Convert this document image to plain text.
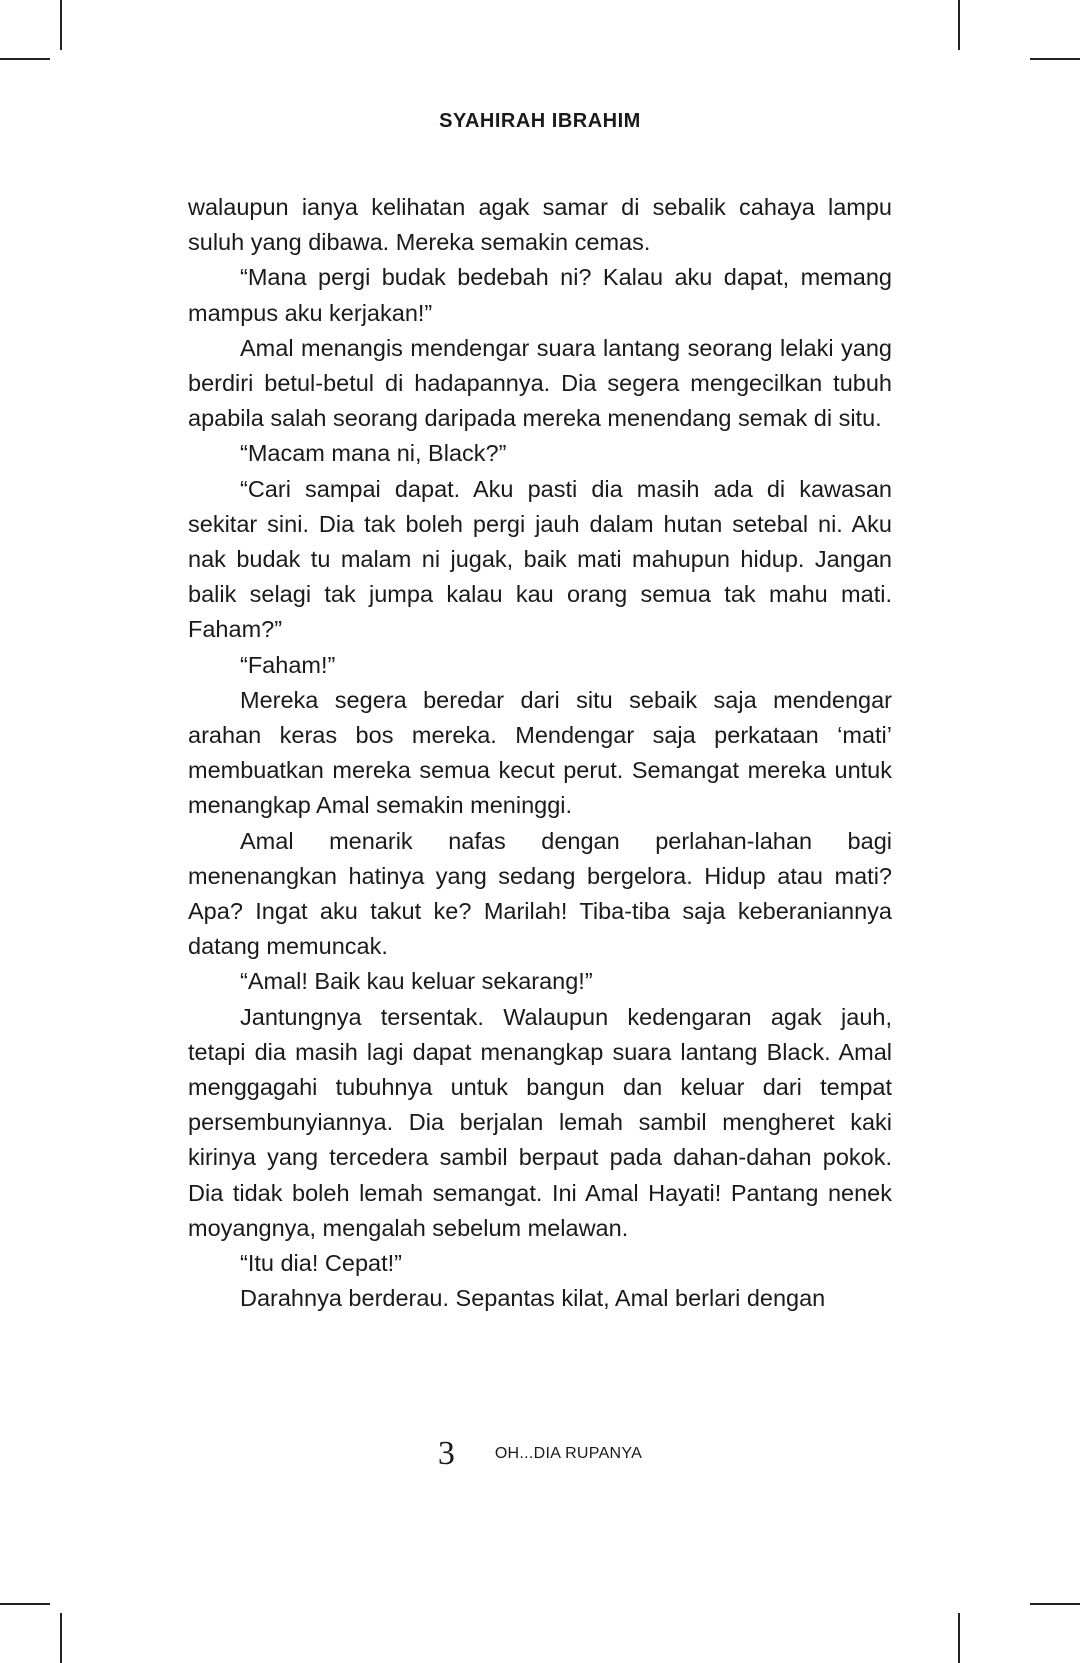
SYAHIRAH IBRAHIM

walaupun ianya kelihatan agak samar di sebalik cahaya lampu suluh yang dibawa. Mereka semakin cemas.

“Mana pergi budak bedebah ni? Kalau aku dapat, memang mampus aku kerjakan!”

Amal menangis mendengar suara lantang seorang lelaki yang berdiri betul-betul di hadapannya. Dia segera mengecilkan tubuh apabila salah seorang daripada mereka menendang semak di situ.

“Macam mana ni, Black?”

“Cari sampai dapat. Aku pasti dia masih ada di kawasan sekitar sini. Dia tak boleh pergi jauh dalam hutan setebal ni. Aku nak budak tu malam ni jugak, baik mati mahupun hidup. Jangan balik selagi tak jumpa kalau kau orang semua tak mahu mati. Faham?”

“Faham!”

Mereka segera beredar dari situ sebaik saja mendengar arahan keras bos mereka. Mendengar saja perkataan ‘mati’ membuatkan mereka semua kecut perut. Semangat mereka untuk menangkap Amal semakin meninggi.

Amal menarik nafas dengan perlahan-lahan bagi menenangkan hatinya yang sedang bergelora. Hidup atau mati? Apa? Ingat aku takut ke? Marilah! Tiba-tiba saja keberaniannya datang memuncak.

“Amal! Baik kau keluar sekarang!”

Jantungnya tersentak. Walaupun kedengaran agak jauh, tetapi dia masih lagi dapat menangkap suara lantang Black. Amal menggagahi tubuhnya untuk bangun dan keluar dari tempat persembunyiannya. Dia berjalan lemah sambil mengheret kaki kirinya yang tercedera sambil berpaut pada dahan-dahan pokok. Dia tidak boleh lemah semangat. Ini Amal Hayati! Pantang nenek moyangnya, mengalah sebelum melawan.

“Itu dia! Cepat!”

Darahnya berderau. Sepantas kilat, Amal berlari dengan

3	OH...DIA RUPANYA
